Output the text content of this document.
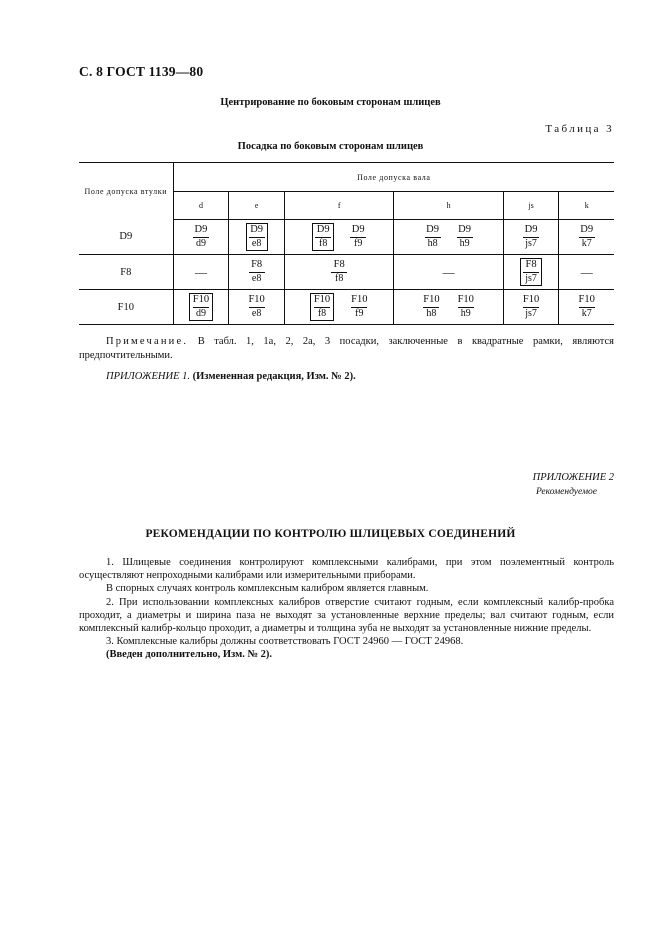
С. 8 ГОСТ 1139—80
Центрирование по боковым сторонам шлицев
Таблица 3
Посадка по боковым сторонам шлицев
Поле допуска втулки	Поле допуска вала					
	d	e	f	h	js	k
D9	$\frac{D9}{d9}$	$\frac{D9}{e8}$	$\frac{D9}{f8} \frac{D9}{f9}$	$\frac{D9}{h8} \frac{D9}{h9}$	$\frac{D9}{js7}$	$\frac{D9}{k7}$

F8	—	$\frac{F8}{e8}$	$\frac{F8}{f8}$	—	$\frac{F8}{js7}$	—
F10	$\frac{F10}{d9}$	$\frac{F10}{e8}$	$\frac{F10}{f8} \frac{F10}{f9}$	$\frac{F10}{h8} \frac{F10}{h9}$	$\frac{F10}{js7}$	$\frac{F10}{k7}$
Примечание. В табл. 1, 1а, 2, 2а, 3 посадки, заключенные в квадратные рамки, являются предпочтительными.
ПРИЛОЖЕНИЕ 1. (Измененная редакция, Изм. № 2).
ПРИЛОЖЕНИЕ 2
Рекомендуемое
РЕКОМЕНДАЦИИ ПО КОНТРОЛЮ ШЛИЦЕВЫХ СОЕДИНЕНИЙ

1. Шлицевые соединения контролируют комплексными калибрами, при этом поэлементный контроль осуществляют непроходными калибрами или измерительными приборами.

В спорных случаях контроль комплексным калибром является главным.

2. При использовании комплексных калибров отверстие считают годным, если комплексный калибр-пробка проходит, а диаметры и ширина паза не выходят за установленные верхние пределы; вал считают годным, если комплексный калибр-кольцо проходит, а диаметры и толщина зуба не выходят за установленные нижние пределы.

3. Комплексные калибры должны соответствовать ГОСТ 24960 — ГОСТ 24968.

(Введен дополнительно, Изм. № 2).
